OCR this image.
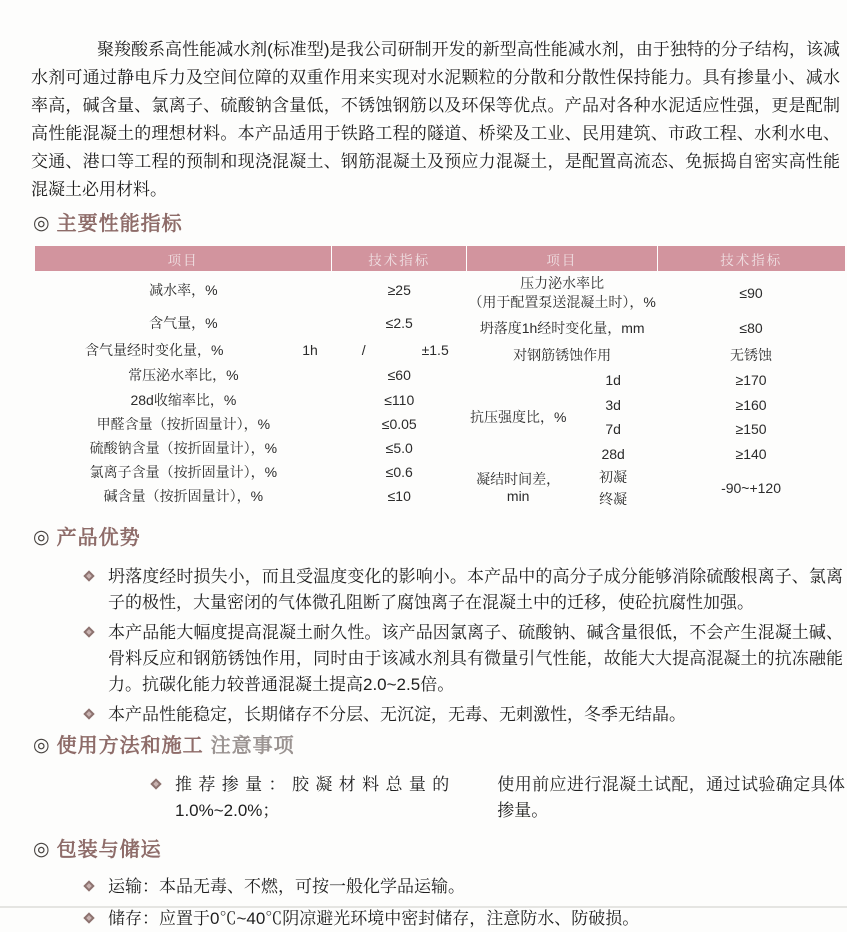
聚羧酸系高性能减水剂(标准型)是我公司研制开发的新型高性能减水剂，由于独特的分子结构，该减水剂可通过静电斥力及空间位障的双重作用来实现对水泥颗粒的分散和分散性保持能力。具有掺量小、减水率高，碱含量、氯离子、硫酸钠含量低，不锈蚀钢筋以及环保等优点。产品对各种水泥适应性强，更是配制高性能混凝土的理想材料。本产品适用于铁路工程的隧道、桥梁及工业、民用建筑、市政工程、水利水电、交通、港口等工程的预制和现浇混凝土、钢筋混凝土及预应力混凝土，是配置高流态、免振捣自密实高性能混凝土必用材料。

◎ 主要性能指标
项目	技术指标
减水率，%	≥25
含气量，%	≤2.5

含气量经时变化量，% 1h	/ ±1.5

常压泌水率比，%	≤60
28d收缩率比，%	≤110
甲醛含量（按折固量计），%	≤0.05
硫酸钠含量（按折固量计），%	≤5.0
氯离子含量（按折固量计），%	≤0.6
碱含量（按折固量计），%	≤10
项目		技术指标

压力泌水率比
（用于配置泵送混凝土时），%		≤90
坍落度1h经时变化量，mm		≤80
对钢筋锈蚀作用		无锈蚀
抗压强度比，%	1d	≥170
	3d	≥160
	7d	≥150
	28d	≥140
凝结时间差，min	初凝	-90~+120
	终凝	
◎ 产品优势

坍落度经时损失小，而且受温度变化的影响小。本产品中的高分子成分能够消除硫酸根离子、氯离子的极性，大量密闭的气体微孔阻断了腐蚀离子在混凝土中的迁移，使砼抗腐性加强。

本产品能大幅度提高混凝土耐久性。该产品因氯离子、硫酸钠、碱含量很低，不会产生混凝土碱、骨料反应和钢筋锈蚀作用，同时由于该减水剂具有微量引气性能，故能大大提高混凝土的抗冻融能力。抗碳化能力较普通混凝土提高2.0~2.5倍。

本产品性能稳定，长期储存不分层、无沉淀，无毒、无刺激性，冬季无结晶。

◎ 使用方法和施工 注意事项

推荐掺量：胶凝材料总量的1.0%~2.0%；
使用前应进行混凝土试配，通过试验确定具体掺量。

◎ 包装与储运

运输：本品无毒、不燃，可按一般化学品运输。

储存：应置于0℃~40℃阴凉避光环境中密封储存，注意防水、防破损。
